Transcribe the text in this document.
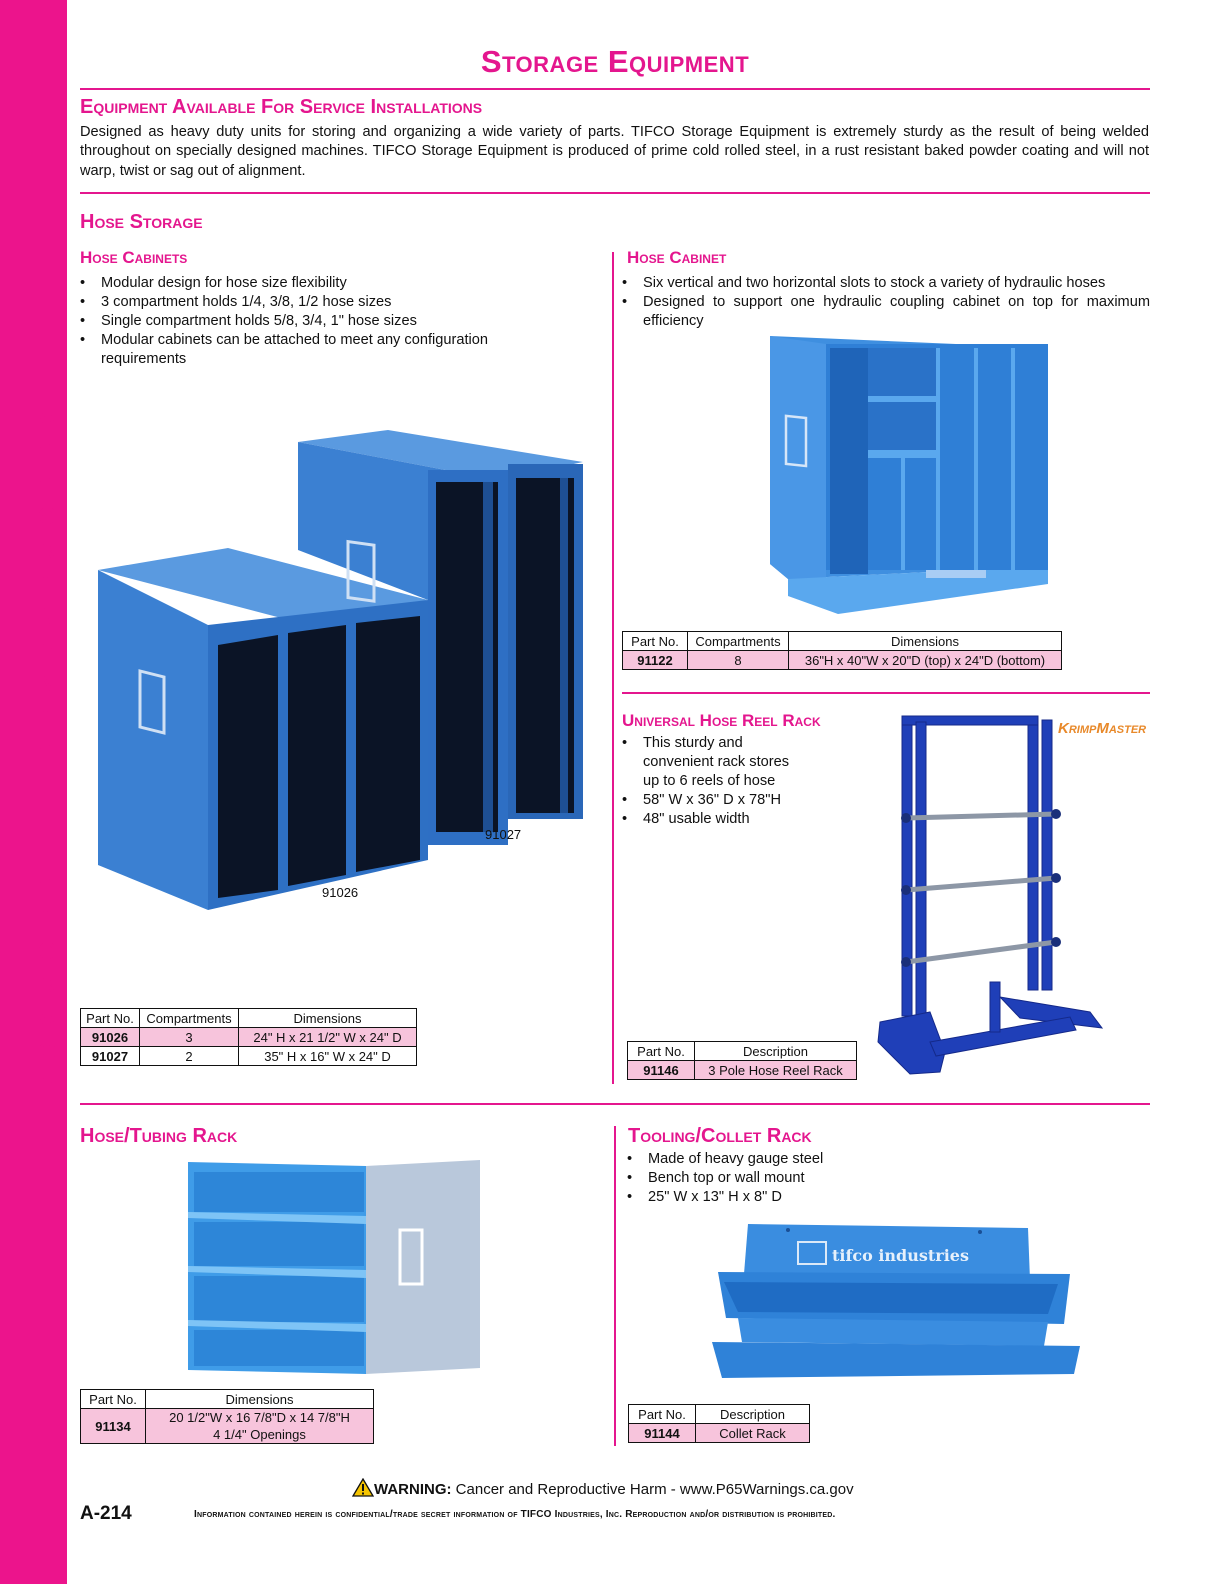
A
S
S
O
R
T
M
E
N
T
S

-

S
T
O
R
A
G
E
Storage Equipment
Equipment Available For Service Installations
Designed as heavy duty units for storing and organizing a wide variety of parts. TIFCO Storage Equipment is extremely sturdy as the result of being welded throughout on specially designed machines. TIFCO Storage Equipment is produced of prime cold rolled steel, in a rust resistant baked powder coating and will not warp, twist or sag out of alignment.
Hose Storage
Hose Cabinets
• Modular design for hose size flexibility
• 3 compartment holds 1/4, 3/8, 1/2 hose sizes
• Single compartment holds 5/8, 3/4, 1" hose sizes
• Modular cabinets can be attached to meet any configuration requirements
91027
91026
Part No.	Compartments	Dimensions
91026	3	24" H x 21 1/2" W x 24" D
91027	2	35" H x 16" W x 24" D
Hose Cabinet
• Six vertical and two horizontal slots to stock a variety of hydraulic hoses
• Designed to support one hydraulic coupling cabinet on top for maximum efficiency
Part No.	Compartments	Dimensions
91122	8	36"H x 40"W x 20"D (top) x 24"D (bottom)
Universal Hose Reel Rack	KrimpMaster
• This sturdy and convenient rack stores up to 6 reels of hose
• 58" W x 36" D x 78"H
• 48" usable width
Part No.	Description
91146	3 Pole Hose Reel Rack
Hose/Tubing Rack
Part No.	Dimensions
91134	20 1/2"W x 16 7/8"D x 14 7/8"H
4 1/4" Openings
Tooling/Collet Rack
• Made of heavy gauge steel
• Bench top or wall mount
• 25" W x 13" H x 8" D
tifco industries
Part No.	Description
91144	Collet Rack
WARNING: Cancer and Reproductive Harm - www.P65Warnings.ca.gov
A-214	Information contained herein is confidential/trade secret information of TIFCO Industries, Inc. Reproduction and/or distribution is prohibited.
